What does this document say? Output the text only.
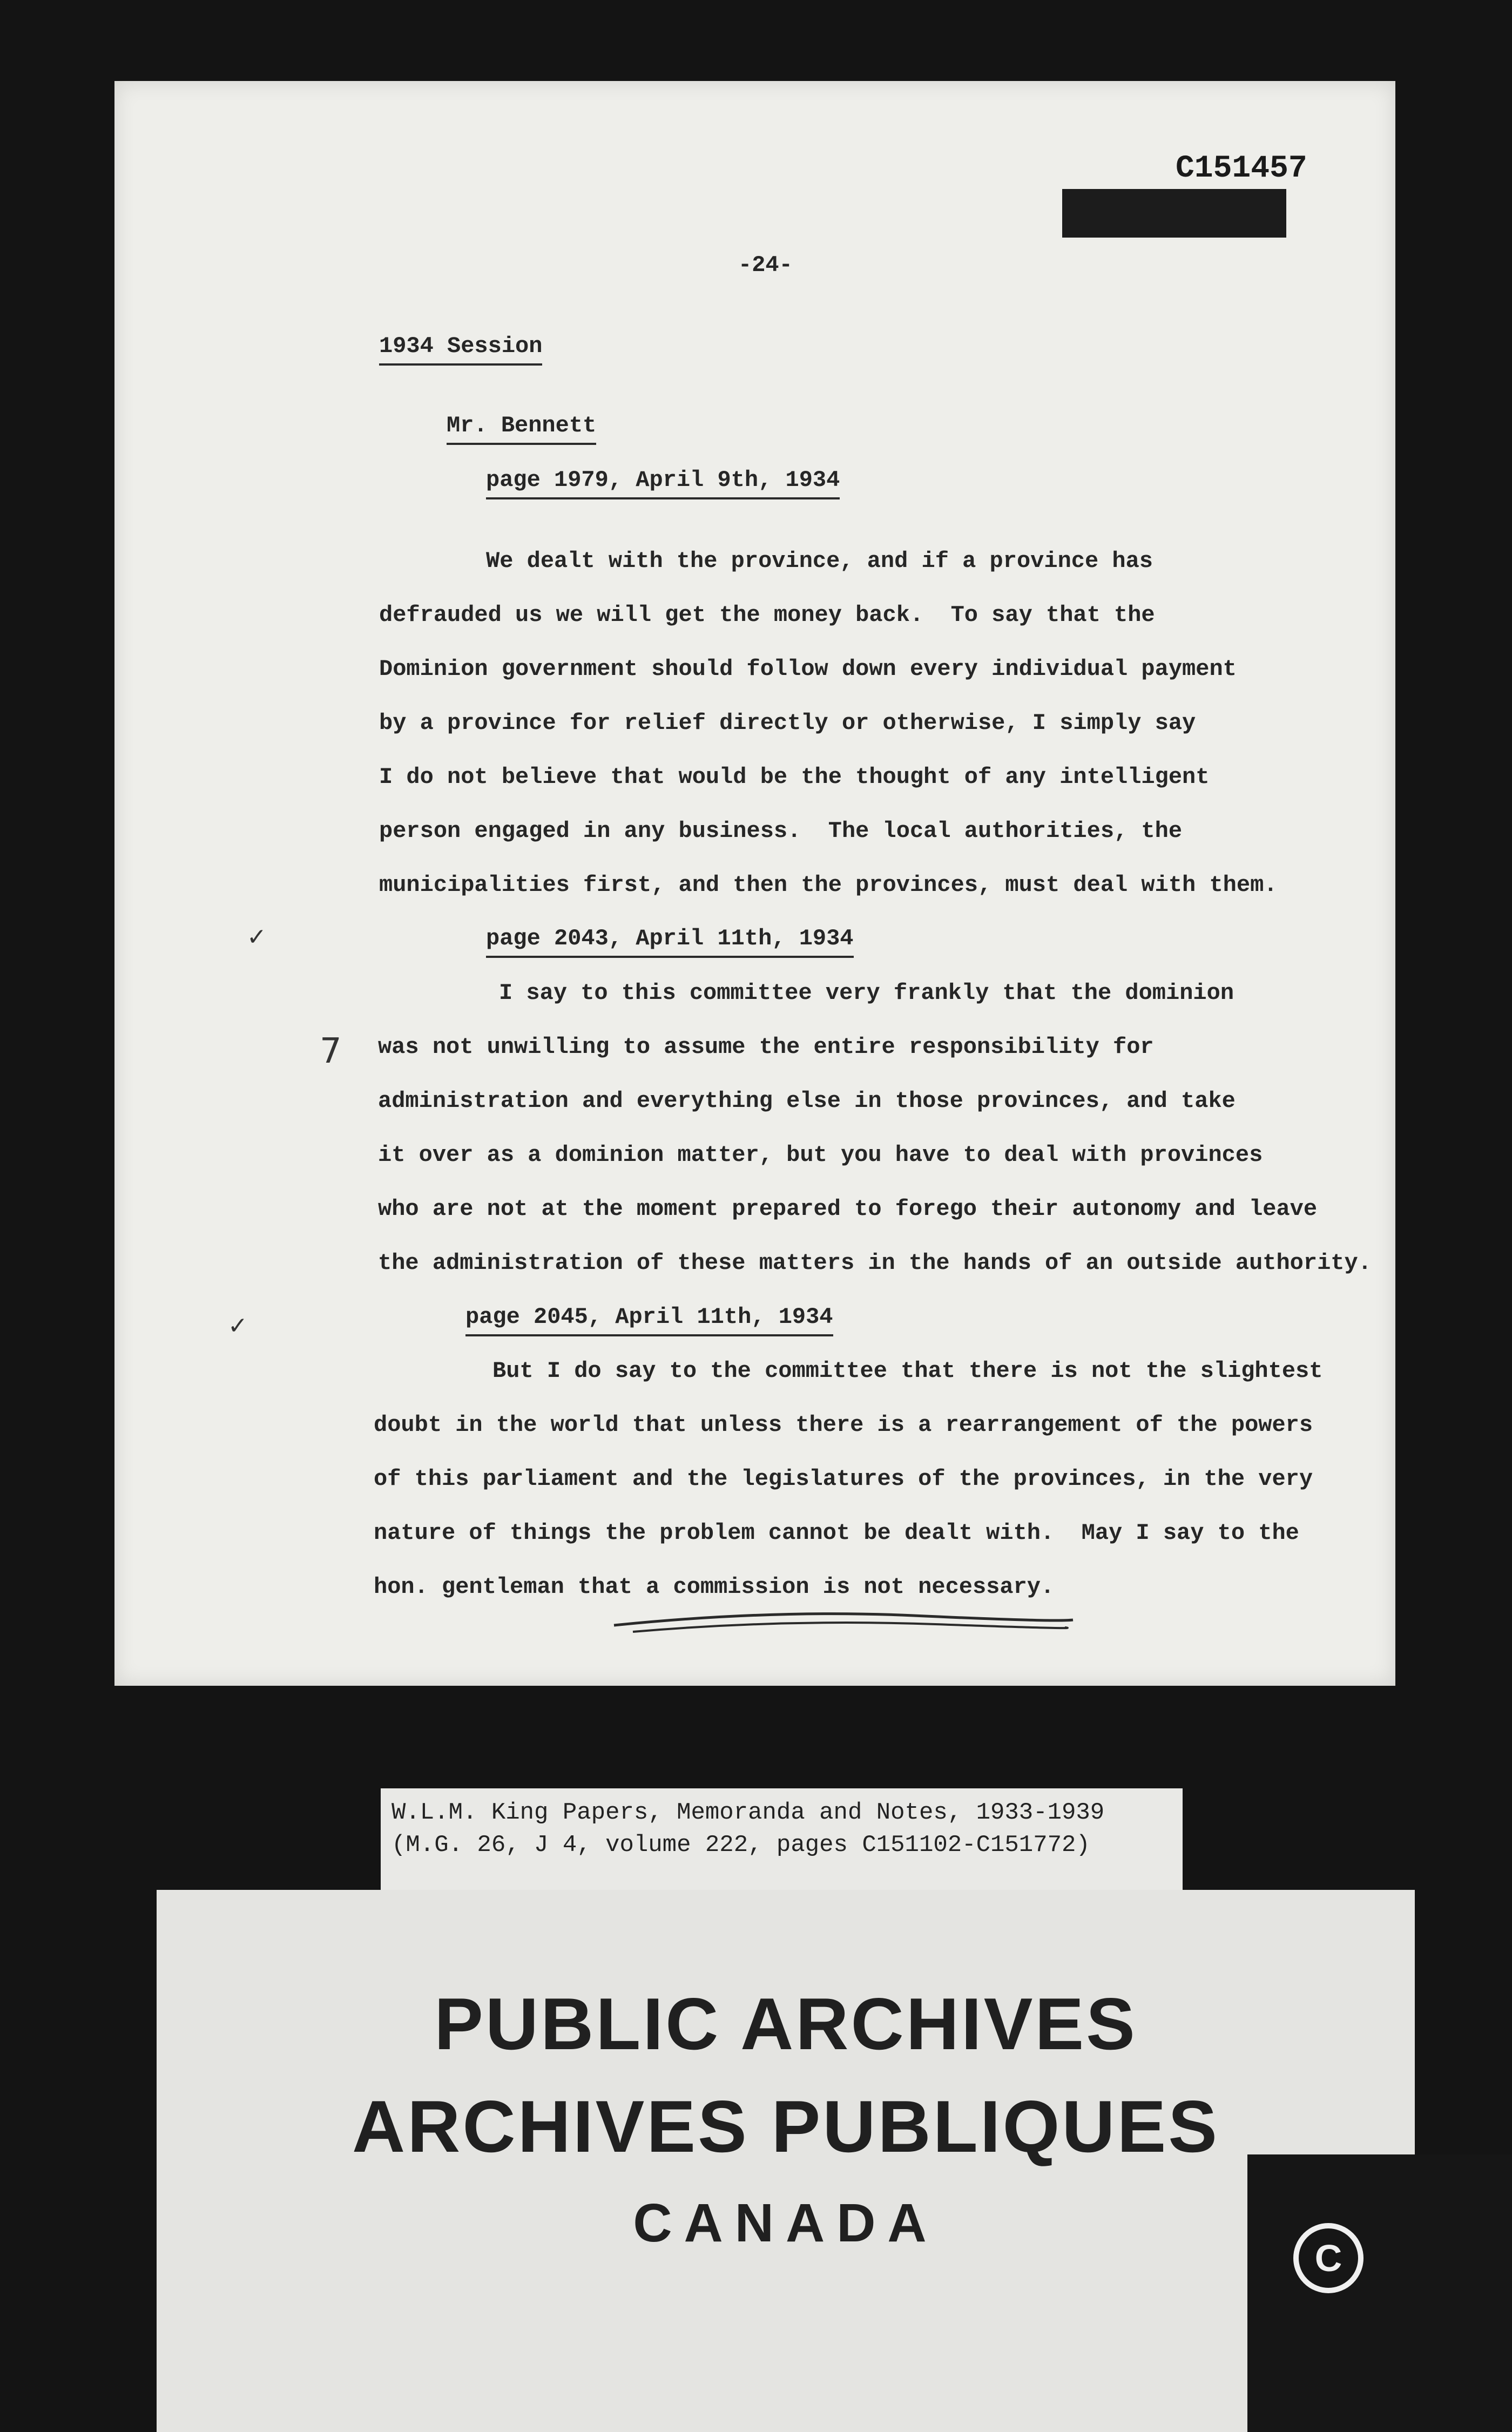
C151457
-24-
1934 Session
Mr. Bennett
page 1979, April 9th, 1934
We dealt with the province, and if a province has
defrauded us we will get the money back.  To say that the
Dominion government should follow down every individual payment
by a province for relief directly or otherwise, I simply say
I do not believe that would be the thought of any intelligent
person engaged in any business.  The local authorities, the
municipalities first, and then the provinces, must deal with them.
✓	page 2043, April 11th, 1934
I say to this committee very frankly that the dominion
7 was not unwilling to assume the entire responsibility for
administration and everything else in those provinces, and take
it over as a dominion matter, but you have to deal with provinces
who are not at the moment prepared to forego their autonomy and leave
the administration of these matters in the hands of an outside authority.
✓	page 2045, April 11th, 1934
But I do say to the committee that there is not the slightest
doubt in the world that unless there is a rearrangement of the powers
of this parliament and the legislatures of the provinces, in the very
nature of things the problem cannot be dealt with.  May I say to the
hon. gentleman that a commission is not necessary.
W.L.M. King Papers, Memoranda and Notes, 1933-1939
(M.G. 26, J 4, volume 222, pages C151102-C151772)
PUBLIC ARCHIVES
ARCHIVES PUBLIQUES
CANADA
C
